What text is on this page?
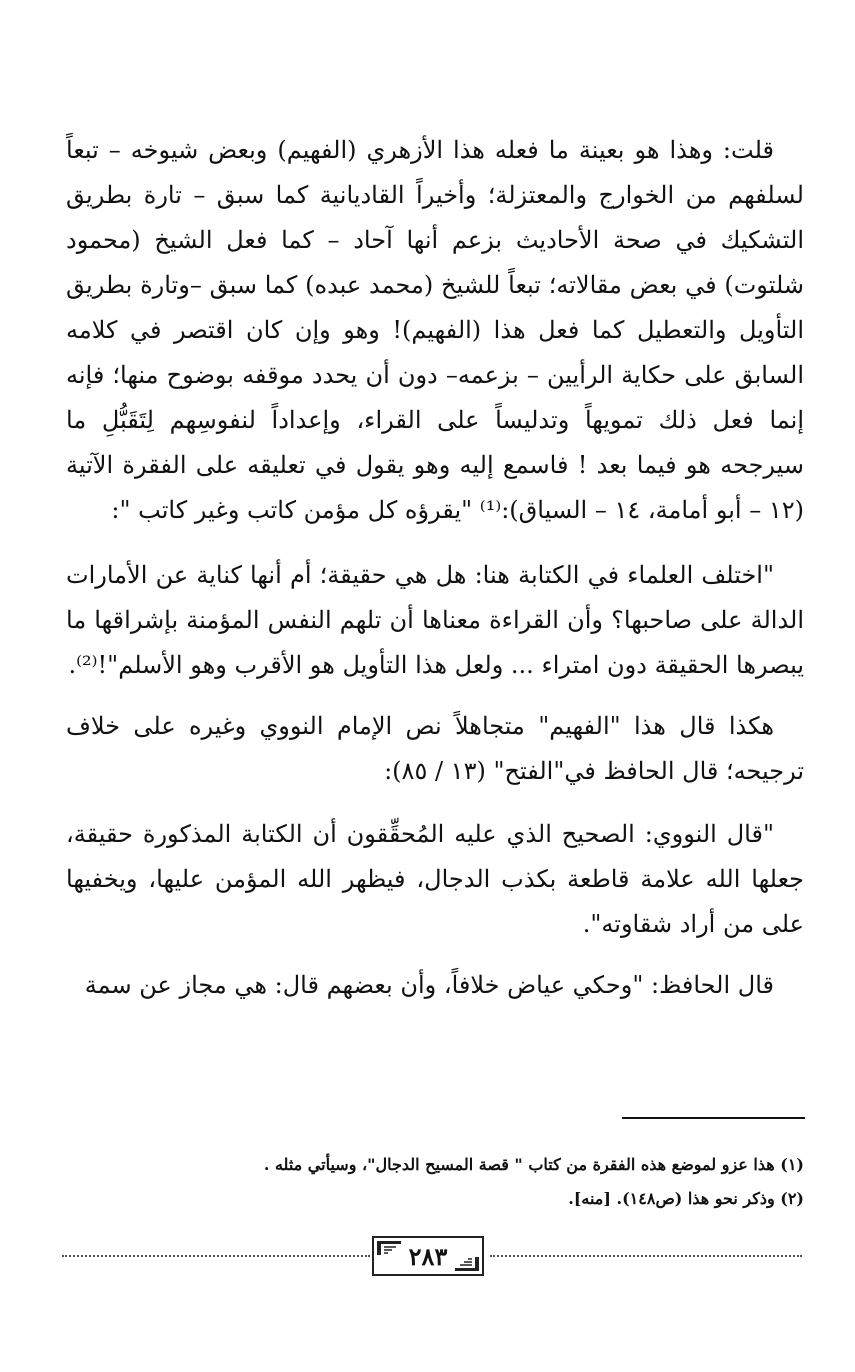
قلت: وهذا هو بعينة ما فعله هذا الأزهري (الفهيم) وبعض شيوخه – تبعاً لسلفهم من الخوارج والمعتزلة؛ وأخيراً القاديانية كما سبق – تارة بطريق التشكيك في صحة الأحاديث بزعم أنها آحاد – كما فعل الشيخ (محمود شلتوت) في بعض مقالاته؛ تبعاً للشيخ (محمد عبده) كما سبق –وتارة بطريق التأويل والتعطيل كما فعل هذا (الفهيم)! وهو وإن كان اقتصر في كلامه السابق على حكاية الرأيين – بزعمه– دون أن يحدد موقفه بوضوح منها؛ فإنه إنما فعل ذلك تمويهاً وتدليساً على القراء، وإعداداً لنفوسِهم لِتَقَبُّلِ ما سيرجحه هو فيما بعد ! فاسمع إليه وهو يقول في تعليقه على الفقرة الآتية (١٢ – أبو أمامة، ١٤ – السياق):⁽¹⁾ "يقرؤه كل مؤمن كاتب وغير كاتب ":

"اختلف العلماء في الكتابة هنا: هل هي حقيقة؛ أم أنها كناية عن الأمارات الدالة على صاحبها؟ وأن القراءة معناها أن تلهم النفس المؤمنة بإشراقها ما يبصرها الحقيقة دون امتراء ... ولعل هذا التأويل هو الأقرب وهو الأسلم"!⁽²⁾.

هكذا قال هذا "الفهيم" متجاهلاً نص الإمام النووي وغيره على خلاف ترجيحه؛ قال الحافظ في"الفتح" (١٣ / ٨٥):

"قال النووي: الصحيح الذي عليه المُحقِّقون أن الكتابة المذكورة حقيقة، جعلها الله علامة قاطعة بكذب الدجال، فيظهر الله المؤمن عليها، ويخفيها على من أراد شقاوته".

قال الحافظ: "وحكي عياض خلافاً، وأن بعضهم قال: هي مجاز عن سمة

(١) هذا عزو لموضع هذه الفقرة من كتاب " قصة المسيح الدجال"، وسيأتي مثله .

(٢) وذكر نحو هذا (ص١٤٨). [منه].

٢٨٣
